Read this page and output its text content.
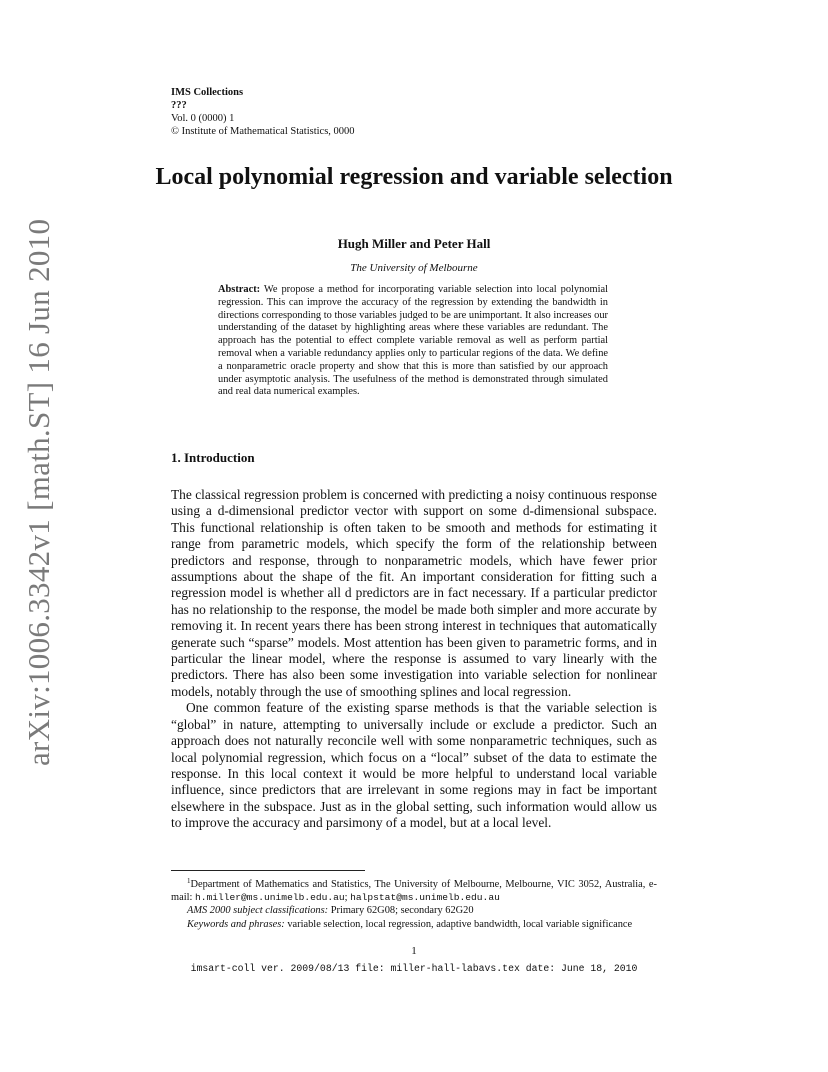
arXiv:1006.3342v1 [math.ST] 16 Jun 2010
IMS Collections
???
Vol. 0 (0000) 1
© Institute of Mathematical Statistics, 0000
Local polynomial regression and variable selection
Hugh Miller and Peter Hall
The University of Melbourne
Abstract: We propose a method for incorporating variable selection into local polynomial regression. This can improve the accuracy of the regression by extending the bandwidth in directions corresponding to those variables judged to be are unimportant. It also increases our understanding of the dataset by highlighting areas where these variables are redundant. The approach has the potential to effect complete variable removal as well as perform partial removal when a variable redundancy applies only to particular regions of the data. We define a nonparametric oracle property and show that this is more than satisfied by our approach under asymptotic analysis. The usefulness of the method is demonstrated through simulated and real data numerical examples.
1. Introduction

The classical regression problem is concerned with predicting a noisy continuous response using a d-dimensional predictor vector with support on some d-dimensional subspace. This functional relationship is often taken to be smooth and methods for estimating it range from parametric models, which specify the form of the relationship between predictors and response, through to nonparametric models, which have fewer prior assumptions about the shape of the fit. An important consideration for fitting such a regression model is whether all d predictors are in fact necessary. If a particular predictor has no relationship to the response, the model be made both simpler and more accurate by removing it. In recent years there has been strong interest in techniques that automatically generate such “sparse” models. Most attention has been given to parametric forms, and in particular the linear model, where the response is assumed to vary linearly with the predictors. There has also been some investigation into variable selection for nonlinear models, notably through the use of smoothing splines and local regression.

One common feature of the existing sparse methods is that the variable selection is “global” in nature, attempting to universally include or exclude a predictor. Such an approach does not naturally reconcile well with some nonparametric techniques, such as local polynomial regression, which focus on a “local” subset of the data to estimate the response. In this local context it would be more helpful to understand local variable influence, since predictors that are irrelevant in some regions may in fact be important elsewhere in the subspace. Just as in the global setting, such information would allow us to improve the accuracy and parsimony of a model, but at a local level.

$^1$Department of Mathematics and Statistics, The University of Melbourne, Melbourne, VIC 3052, Australia, e-mail: h.miller@ms.unimelb.edu.au; halpstat@ms.unimelb.edu.au

AMS 2000 subject classifications: Primary 62G08; secondary 62G20

Keywords and phrases: variable selection, local regression, adaptive bandwidth, local variable significance

1
imsart-coll ver. 2009/08/13 file: miller-hall-labavs.tex date: June 18, 2010
